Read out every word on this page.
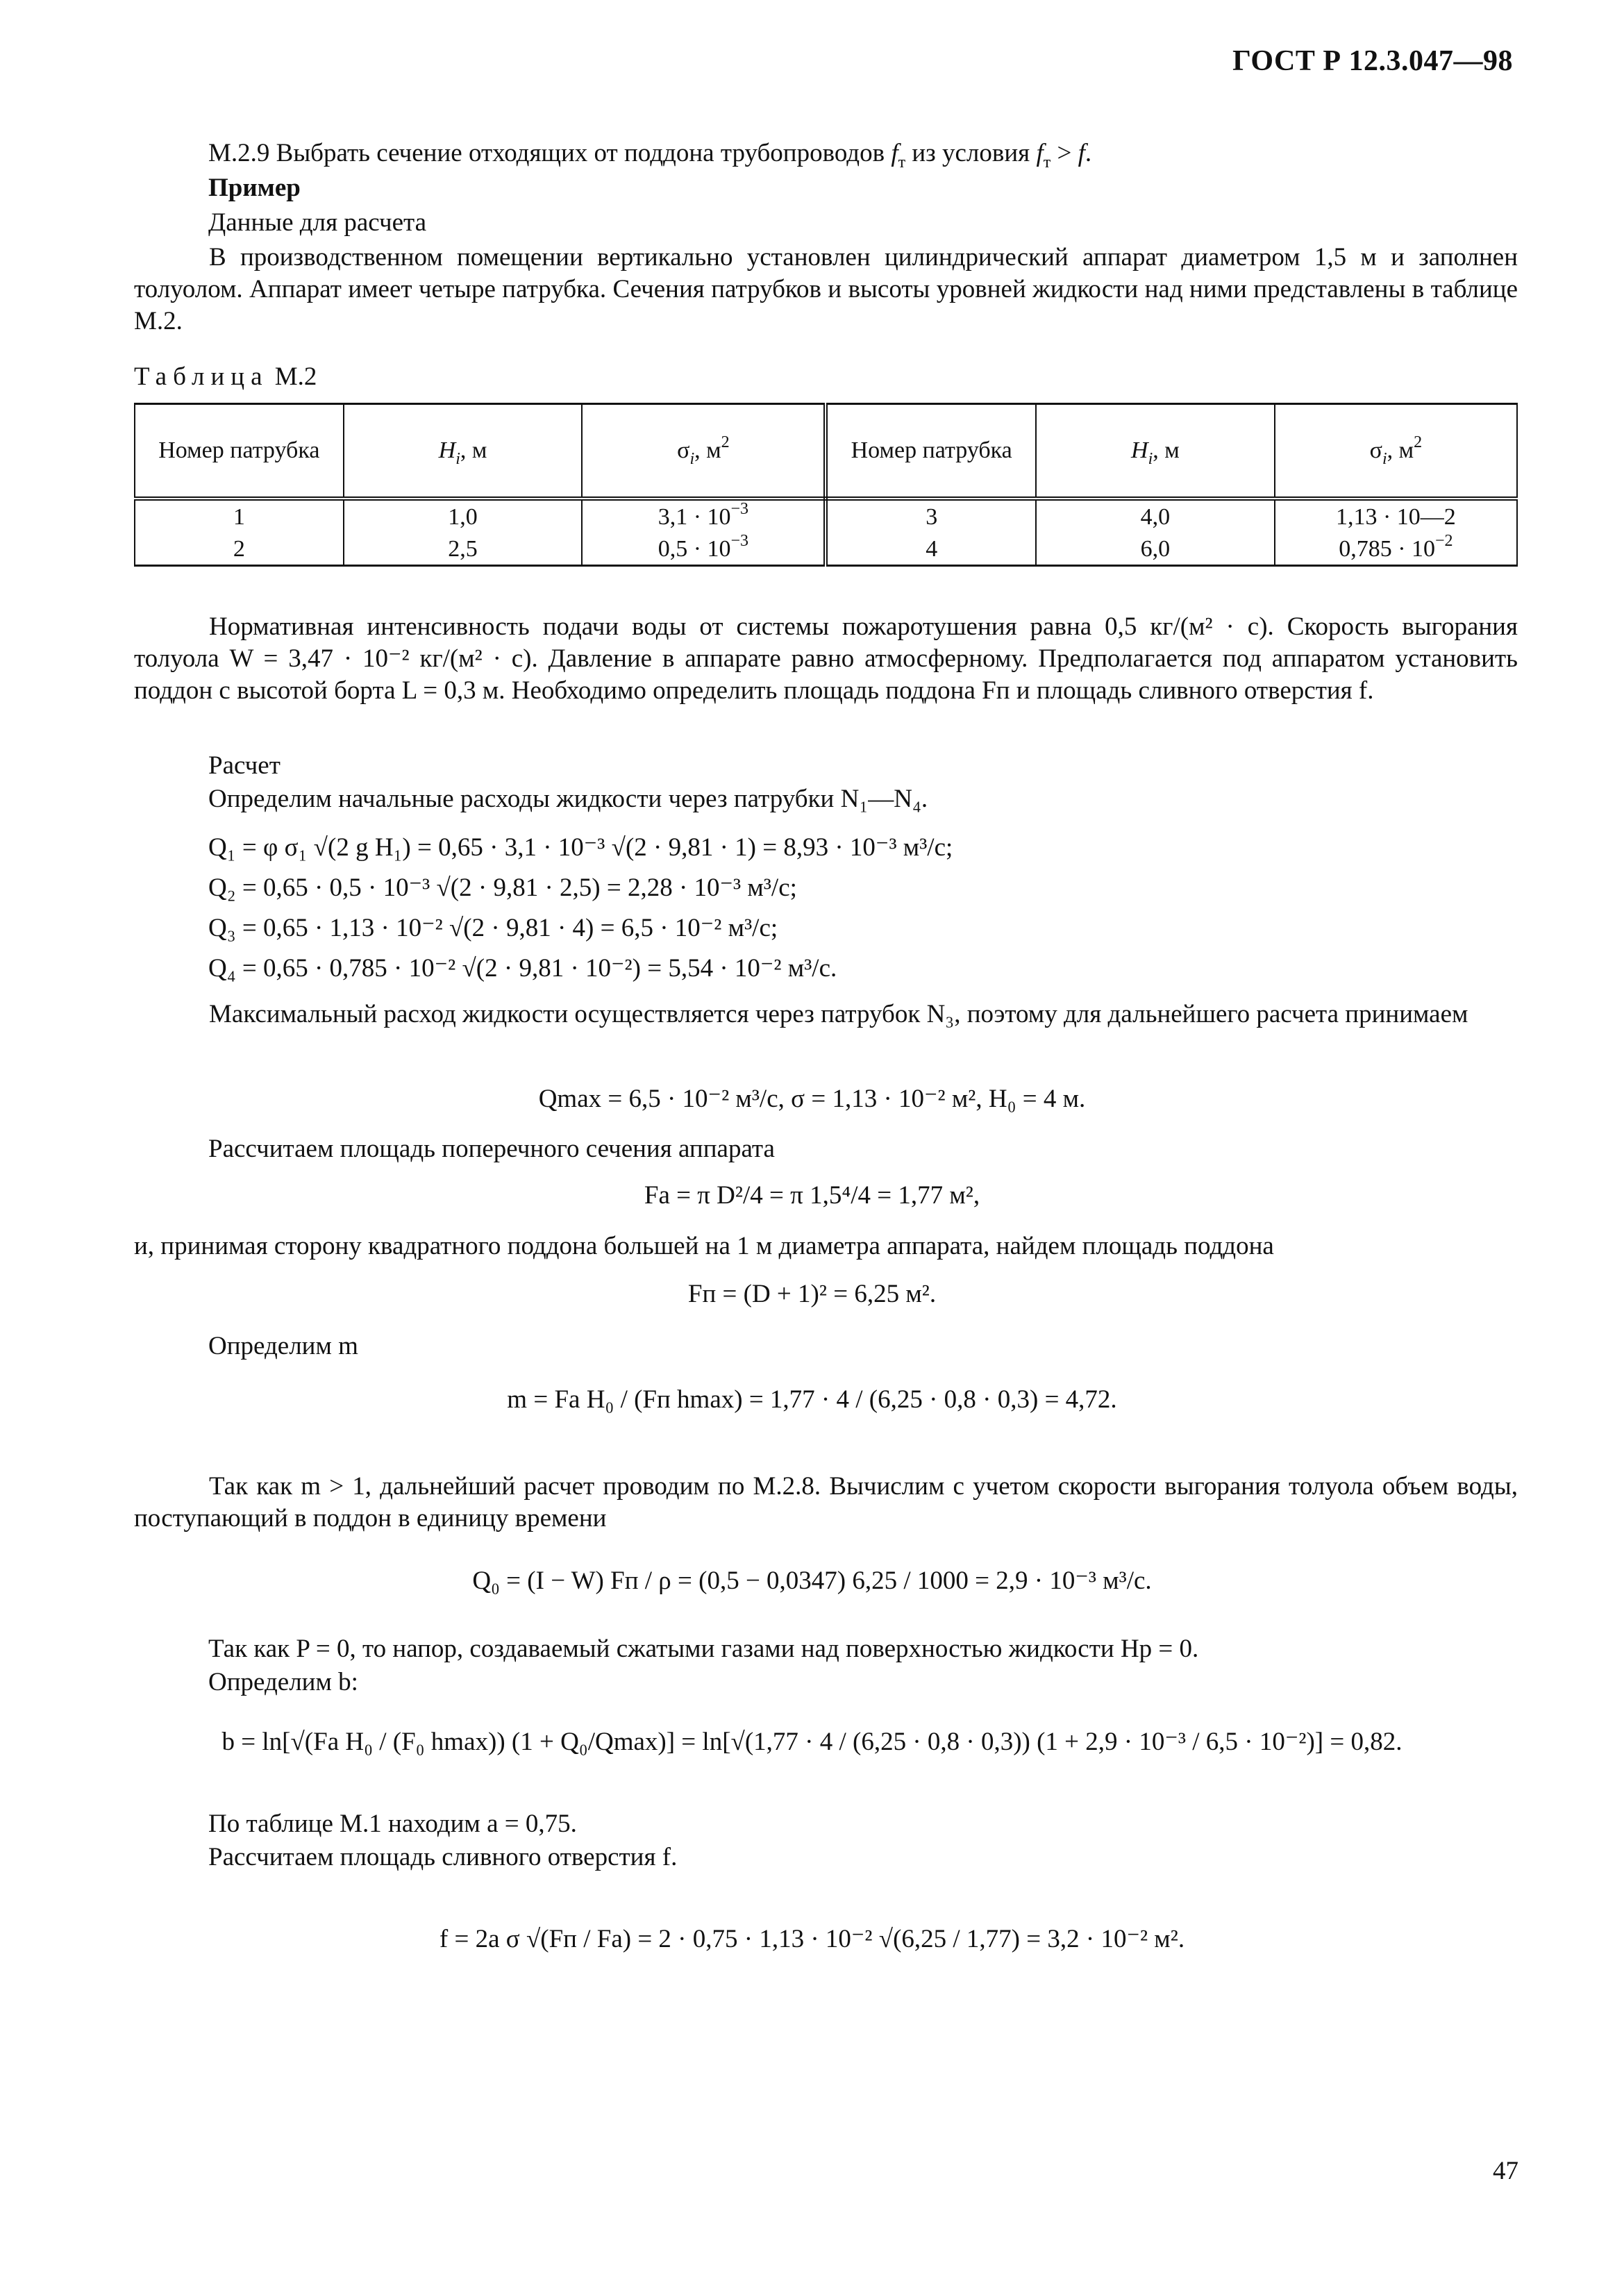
ГОСТ Р 12.3.047—98
М.2.9 Выбрать сечение отходящих от поддона трубопроводов $f_т$ из условия $f_т > f$.
Пример
Данные для расчета
В производственном помещении вертикально установлен цилиндрический аппарат диаметром 1,5 м и заполнен толуолом. Аппарат имеет четыре патрубка. Сечения патрубков и высоты уровней жидкости над ними представлены в таблице М.2.
Таблица М.2
Номер патрубка	$H_i$, м	$\sigma_i$, $м^2$	Номер патрубка	$H_i$, м	$\sigma_i$, $м^2$
1	1,0	$3,1 \cdot 10^{-3}$	3	4,0	1,13 · 10—2
2	2,5	$0,5 \cdot 10^{-3}$	4	6,0	$0,785 \cdot 10^{-2}$
Нормативная интенсивность подачи воды от системы пожаротушения равна 0,5 кг/(м² · с). Скорость выгорания толуола W = 3,47 · 10⁻² кг/(м² · с). Давление в аппарате равно атмосферному. Предполагается под аппаратом установить поддон с высотой борта L = 0,3 м. Необходимо определить площадь поддона Fп и площадь сливного отверстия f.
Расчет
Определим начальные расходы жидкости через патрубки N₁—N₄.
Q₁ = φ σ₁ √(2 g H₁) = 0,65 · 3,1 · 10⁻³ √(2 · 9,81 · 1) = 8,93 · 10⁻³ м³/с;
Q₂ = 0,65 · 0,5 · 10⁻³ √(2 · 9,81 · 2,5) = 2,28 · 10⁻³ м³/с;
Q₃ = 0,65 · 1,13 · 10⁻² √(2 · 9,81 · 4) = 6,5 · 10⁻² м³/с;
Q₄ = 0,65 · 0,785 · 10⁻² √(2 · 9,81 · 10⁻²) = 5,54 · 10⁻² м³/с.
Максимальный расход жидкости осуществляется через патрубок N₃, поэтому для дальнейшего расчета принимаем
Qmax = 6,5 · 10⁻² м³/с, σ = 1,13 · 10⁻² м², H₀ = 4 м.
Рассчитаем площадь поперечного сечения аппарата
Fа = π D²/4 = π 1,5⁴/4 = 1,77 м²,
и, принимая сторону квадратного поддона большей на 1 м диаметра аппарата, найдем площадь поддона
Fп = (D + 1)² = 6,25 м².
Определим m
m = Fа H₀ / (Fп hmax) = 1,77 · 4 / (6,25 · 0,8 · 0,3) = 4,72.
Так как m > 1, дальнейший расчет проводим по М.2.8. Вычислим с учетом скорости выгорания толуола объем воды, поступающий в поддон в единицу времени
Q₀ = (I − W) Fп / ρ = (0,5 − 0,0347) 6,25 / 1000 = 2,9 · 10⁻³ м³/с.
Так как P = 0, то напор, создаваемый сжатыми газами над поверхностью жидкости Hp = 0.
Определим b:
b = ln[√(Fа H₀ / (F₀ hmax)) (1 + Q₀/Qmax)] = ln[√(1,77 · 4 / (6,25 · 0,8 · 0,3)) (1 + 2,9 · 10⁻³ / 6,5 · 10⁻²)] = 0,82.
По таблице М.1 находим a = 0,75.
Рассчитаем площадь сливного отверстия f.
f = 2a σ √(Fп / Fа) = 2 · 0,75 · 1,13 · 10⁻² √(6,25 / 1,77) = 3,2 · 10⁻² м².
47
